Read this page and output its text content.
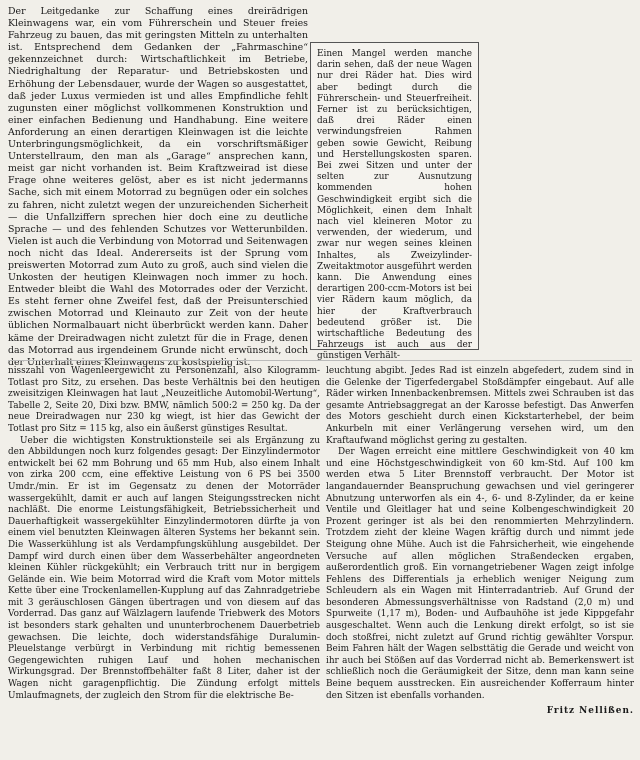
Der Leitgedanke zur Schaffung eines dreirädrigen Kleinwagens war, ein vom Führerschein und Steuer freies Fahrzeug zu bauen, das mit geringsten Mitteln zu unterhalten ist. Entsprechend dem Gedanken der „Fahrmaschine“ gekennzeichnet durch: Wirtschaftlichkeit im Betriebe, Niedrighaltung der Reparatur- und Betriebskosten und Erhöhung der Lebensdauer, wurde der Wagen so ausgestattet, daß jeder Luxus vermieden ist und alles Empfindliche fehlt zugunsten einer möglichst vollkommenen Konstruktion und einer einfachen Bedienung und Handhabung. Eine weitere Anforderung an einen derartigen Kleinwagen ist die leichte Unterbringungsmöglichkeit, da ein vorschriftsmäßiger Unterstellraum, den man als „Garage“ ansprechen kann, meist gar nicht vorhanden ist. Beim Kraftzweirad ist diese Frage ohne weiteres gelöst, aber es ist nicht jedermanns Sache, sich mit einem Motorrad zu begnügen oder ein solches zu fahren, nicht zuletzt wegen der unzureichenden Sicherheit — die Unfallziffern sprechen hier doch eine zu deutliche Sprache — und des fehlenden Schutzes vor Wetterunbilden. Vielen ist auch die Verbindung von Motorrad und Seitenwagen noch nicht das Ideal. Andererseits ist der Sprung vom preiswerten Motorrad zum Auto zu groß, auch sind vielen die Unkosten der heutigen Kleinwagen noch immer zu hoch. Entweder bleibt die Wahl des Motorrades oder der Verzicht. Es steht ferner ohne Zweifel fest, daß der Preisunterschied zwischen Motorrad und Kleinauto zur Zeit von der heute üblichen Normalbauart nicht überbrückt werden kann. Daher käme der Dreiradwagen nicht zuletzt für die in Frage, denen das Motorrad aus irgendeinem Grunde nicht erwünscht, doch der Unterhalt eines Kleinwagens zu kostspielig ist.

Einen Mangel werden manche darin sehen, daß der neue Wagen nur drei Räder hat. Dies wird aber bedingt durch die Führerschein- und Steuerfreiheit. Ferner ist zu berücksichtigen, daß drei Räder einen verwindungsfreien Rahmen geben sowie Gewicht, Reibung und Herstellungskosten sparen. Bei zwei Sitzen und unter der selten zur Ausnutzung kommenden hohen Geschwindigkeit ergibt sich die Möglichkeit, einen dem Inhalt nach viel kleineren Motor zu verwenden, der wiederum, und zwar nur wegen seines kleinen Inhaltes, als Zweizylinder-Zweitaktmotor ausgeführt werden kann. Die Anwendung eines derartigen 200-ccm-Motors ist bei vier Rädern kaum möglich, da hier der Kraftverbrauch bedeutend größer ist. Die wirtschaftliche Bedeutung des Fahrzeugs ist auch aus der günstigen Verhält-

nisszahl von Wagenleergewicht zu Personenzahl, also Kilogramm-Totlast pro Sitz, zu ersehen. Das beste Verhältnis bei den heutigen zweisitzigen Kleinwagen hat laut „Neuzeitliche Automobil-Wertung“, Tabelle 2, Seite 20, Dixi bzw. BMW, nämlich 500:2 = 250 kg. Da der neue Dreiradwagen nur 230 kg wiegt, ist hier das Gewicht der Totlast pro Sitz = 115 kg, also ein äußerst günstiges Resultat.

Ueber die wichtigsten Konstruktionsteile sei als Ergänzung zu den Abbildungen noch kurz folgendes gesagt: Der Einzylindermotor entwickelt bei 62 mm Bohrung und 65 mm Hub, also einem Inhalt von zirka 200 ccm, eine effektive Leistung von 6 PS bei 3500 Umdr./min. Er ist im Gegensatz zu denen der Motorräder wassergekühlt, damit er auch auf langen Steigungsstrecken nicht nachläßt. Die enorme Leistungsfähigkeit, Betriebssicherheit und Dauerhaftigkeit wassergekühlter Einzylindermotoren dürfte ja von einem viel benutzten Kleinwagen älteren Systems her bekannt sein. Die Wasserkühlung ist als Verdampfungskühlung ausgebildet. Der Dampf wird durch einen über dem Wasserbehälter angeordneten kleinen Kühler rückgekühlt; ein Verbrauch tritt nur in bergigem Gelände ein. Wie beim Motorrad wird die Kraft vom Motor mittels Kette über eine Trockenlamellen-Kupplung auf das Zahnradgetriebe mit 3 geräuschlosen Gängen übertragen und von diesem auf das Vorderrad. Das ganz auf Wälzlagern laufende Triebwerk des Motors ist besonders stark gehalten und ununterbrochenem Dauerbetrieb gewachsen. Die leichte, doch widerstandsfähige Duralumin-Pleuelstange verbürgt in Verbindung mit richtig bemessenen Gegengewichten ruhigen Lauf und hohen mechanischen Wirkungsgrad. Der Brennstoffbehälter faßt 8 Liter, daher ist der Wagen nicht garagenpflichtig. Die Zündung erfolgt mittels Umlaufmagnets, der zugleich den Strom für die elektrische Be-

leuchtung abgibt. Jedes Rad ist einzeln abgefedert, zudem sind in die Gelenke der Tigerfedergabel Stoßdämpfer eingebaut. Auf alle Räder wirken Innenbackenbremsen. Mittels zwei Schrauben ist das gesamte Antriebsaggregat an der Karosse befestigt. Das Anwerfen des Motors geschieht durch einen Kickstarterhebel, der beim Ankurbeln mit einer Verlängerung versehen wird, um den Kraftaufwand möglichst gering zu gestalten.

Der Wagen erreicht eine mittlere Geschwindigkeit von 40 km und eine Höchstgeschwindigkeit von 60 km-Std. Auf 100 km werden etwa 5 Liter Brennstoff verbraucht. Der Motor ist langandauernder Beanspruchung gewachsen und viel geringerer Abnutzung unterworfen als ein 4-, 6- und 8-Zylinder, da er keine Ventile und Gleitlager hat und seine Kolbengeschwindigkeit 20 Prozent geringer ist als bei den renommierten Mehrzylindern. Trotzdem zieht der kleine Wagen kräftig durch und nimmt jede Steigung ohne Mühe. Auch ist die Fahrsicherheit, wie eingehende Versuche auf allen möglichen Straßendecken ergaben, außerordentlich groß. Ein vornangetriebener Wagen zeigt infolge Fehlens des Differentials ja erheblich weniger Neigung zum Schleudern als ein Wagen mit Hinterradantrieb. Auf Grund der besonderen Abmessungsverhältnisse von Radstand (2,0 m) und Spurweite (1,17 m), Boden- und Aufbauhöhe ist jede Kippgefahr ausgeschaltet. Wenn auch die Lenkung direkt erfolgt, so ist sie doch stoßfrei, nicht zuletzt auf Grund richtig gewählter Vorspur. Beim Fahren hält der Wagen selbsttätig die Gerade und weicht von ihr auch bei Stößen auf das Vorderrad nicht ab. Bemerkenswert ist schließlich noch die Geräumigkeit der Sitze, denn man kann seine Beine bequem ausstrecken. Ein ausreichender Kofferraum hinter den Sitzen ist ebenfalls vorhanden.

Fritz Nellißen.
